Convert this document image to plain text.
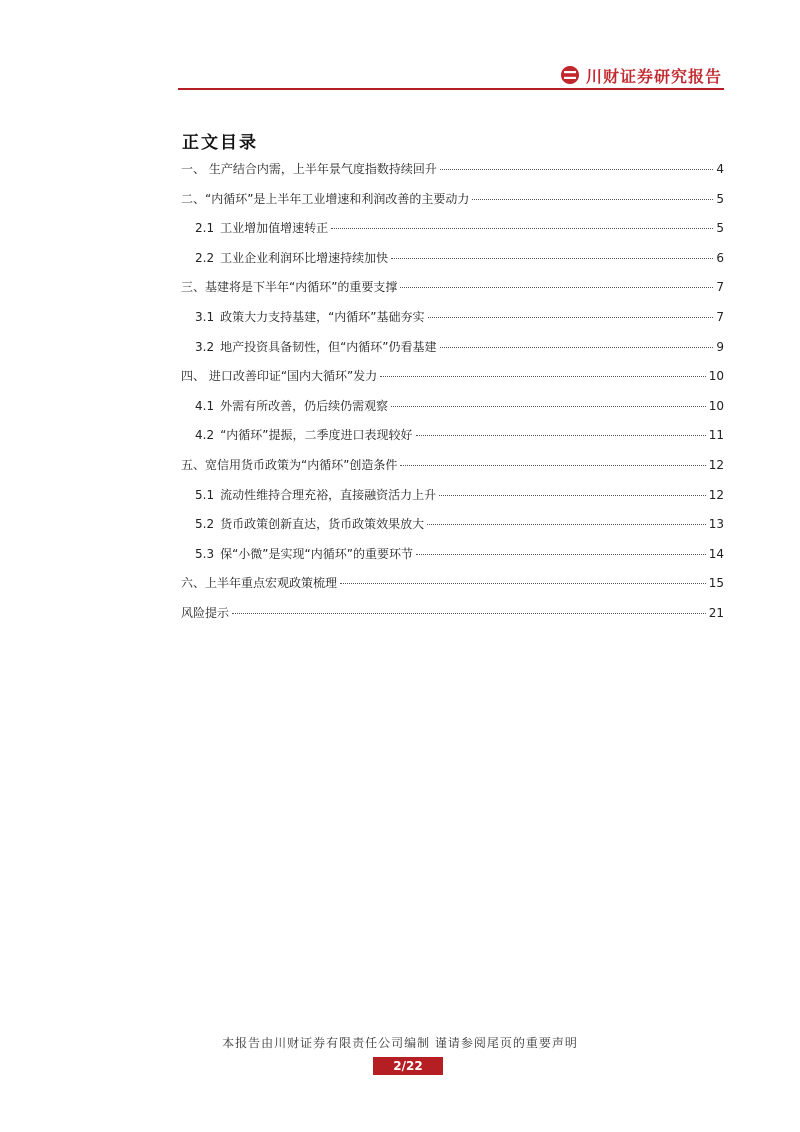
川财证券研究报告
正文目录
一、 生产结合内需，上半年景气度指数持续回升	4
二、“内循环”是上半年工业增速和利润改善的主要动力	5
2.1 工业增加值增速转正	5
2.2 工业企业利润环比增速持续加快	6
三、基建将是下半年“内循环”的重要支撑	7
3.1 政策大力支持基建，“内循环”基础夯实	7
3.2 地产投资具备韧性，但“内循环”仍看基建	9
四、 进口改善印证“国内大循环”发力	10
4.1 外需有所改善，仍后续仍需观察	10
4.2 “内循环”提振，二季度进口表现较好	11
五、宽信用货币政策为“内循环”创造条件	12
5.1 流动性维持合理充裕，直接融资活力上升	12
5.2 货币政策创新直达，货币政策效果放大	13
5.3 保“小微”是实现“内循环”的重要环节	14
六、上半年重点宏观政策梳理	15
风险提示	21
本报告由川财证券有限责任公司编制 谨请参阅尾页的重要声明
2/22
